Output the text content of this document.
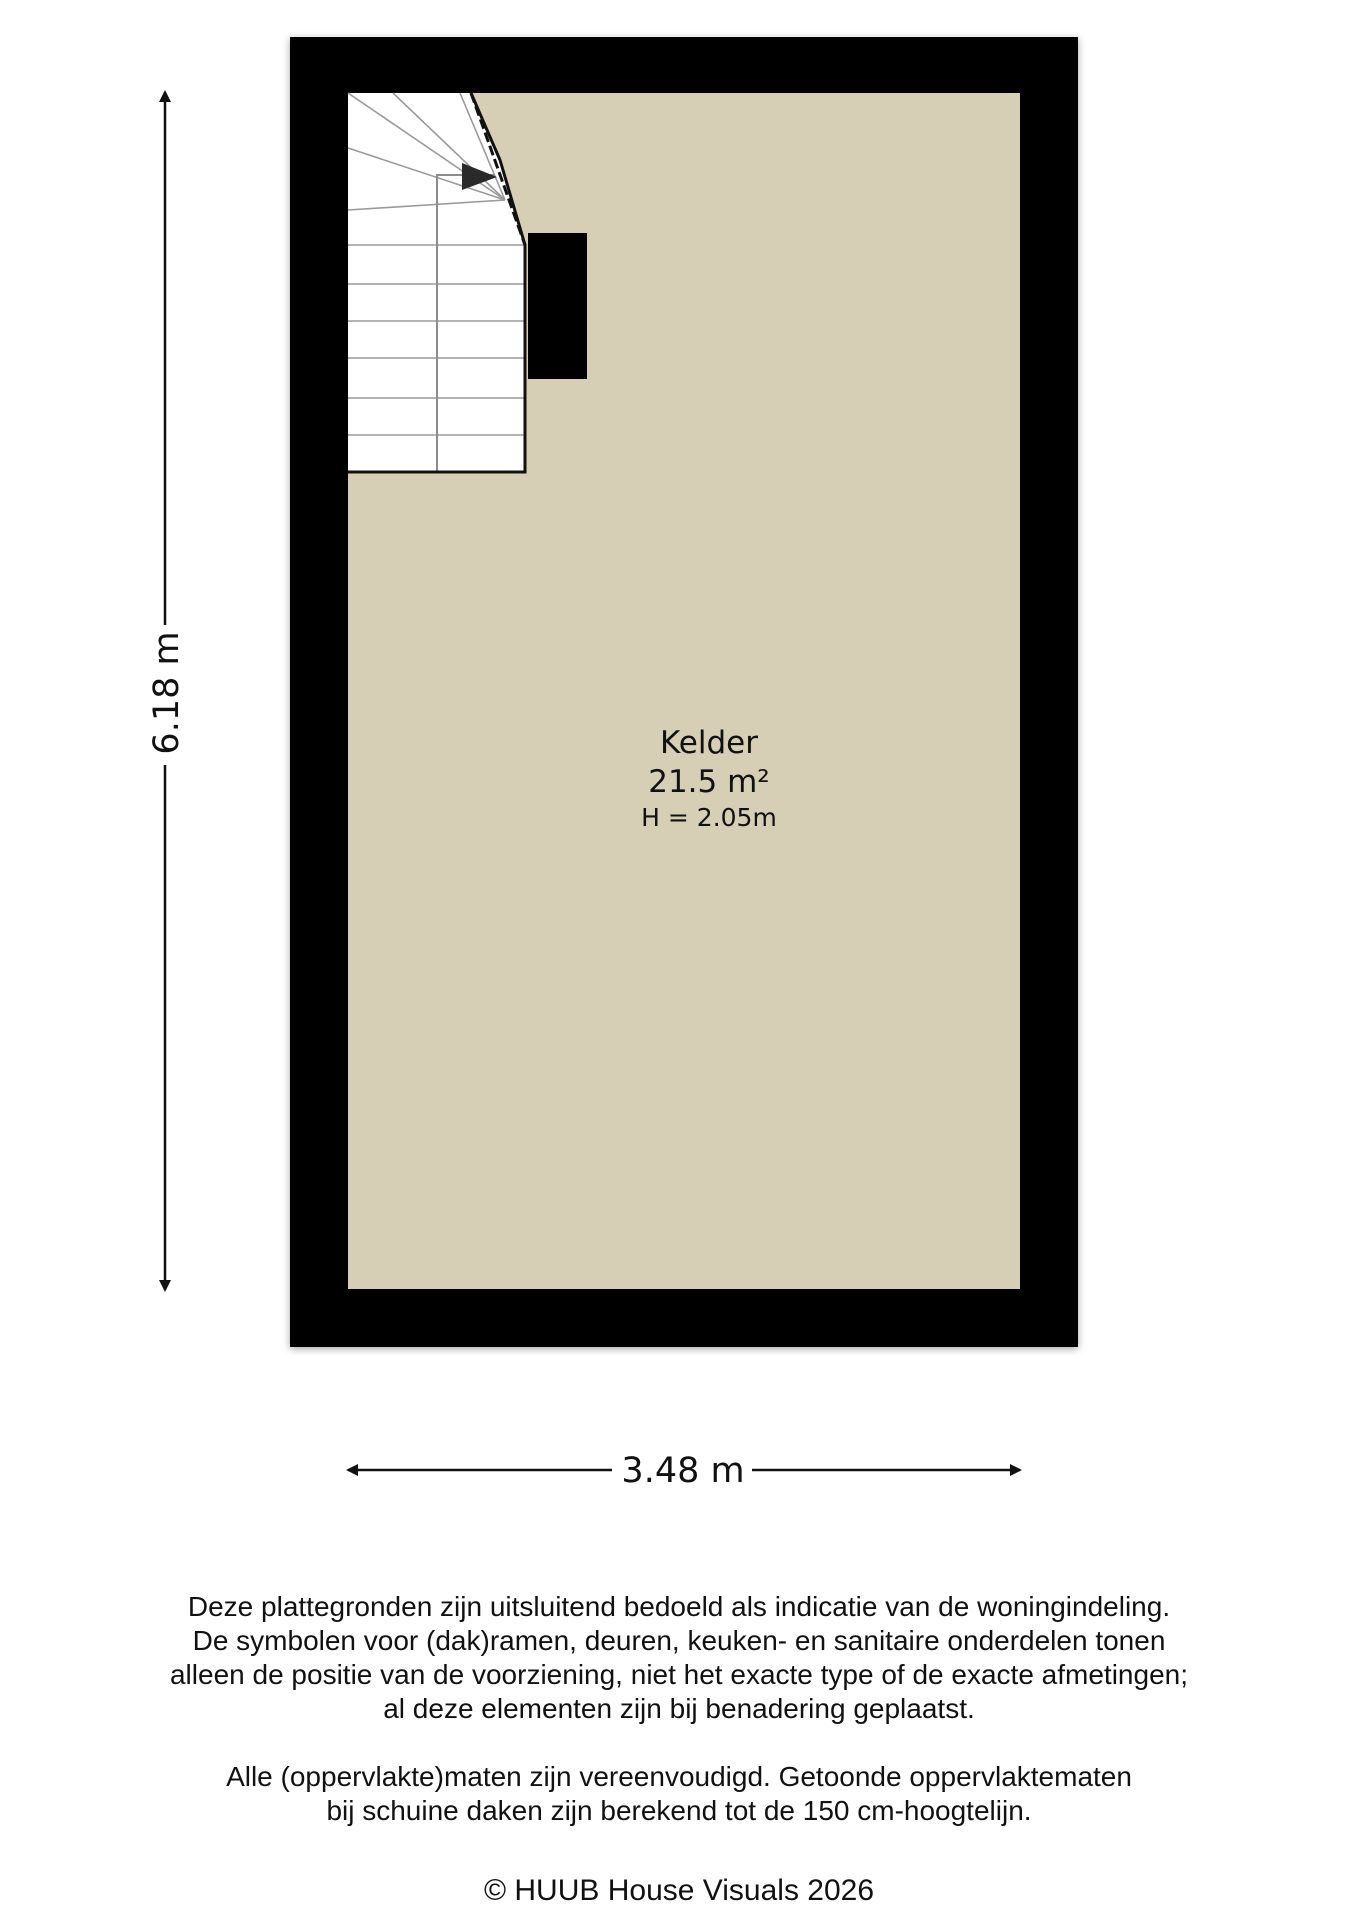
Kelder
21.5 m²
H = 2.05m
6.18 m
3.48 m

Deze plattegronden zijn uitsluitend bedoeld als indicatie van de woningindeling.

De symbolen voor (dak)ramen, deuren, keuken- en sanitaire onderdelen tonen

alleen de positie van de voorziening, niet het exacte type of de exacte afmetingen;

al deze elementen zijn bij benadering geplaatst.

Alle (oppervlakte)maten zijn vereenvoudigd. Getoonde oppervlaktematen

bij schuine daken zijn berekend tot de 150 cm-hoogtelijn.

© HUUB House Visuals 2026
